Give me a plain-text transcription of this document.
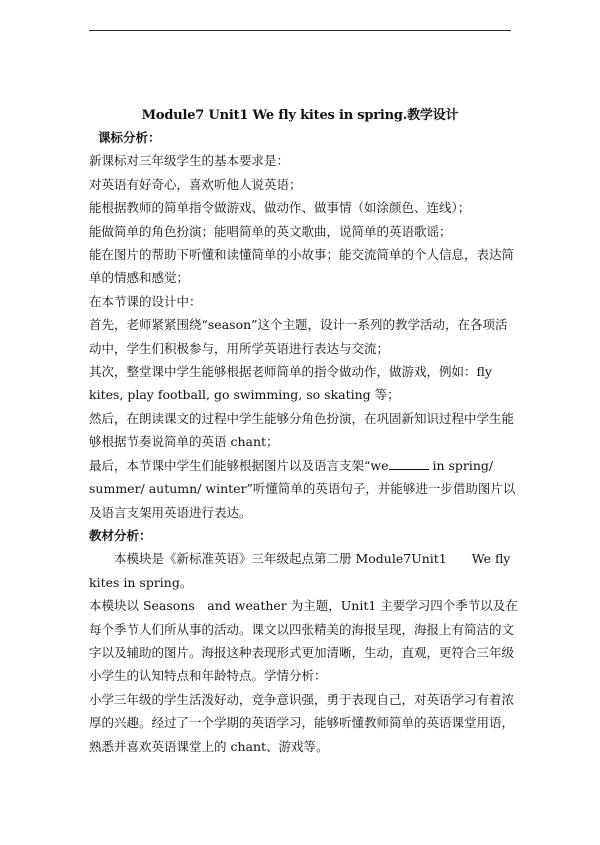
Module7 Unit1 We fly kites in spring.教学设计

课标分析：

新课标对三年级学生的基本要求是：

对英语有好奇心，喜欢听他人说英语；

能根据教师的简单指令做游戏、做动作、做事情（如涂颜色、连线）；

能做简单的角色扮演；能唱简单的英文歌曲，说简单的英语歌谣；

能在图片的帮助下听懂和读懂简单的小故事；能交流简单的个人信息，表达简单的情感和感觉；

在本节课的设计中：

首先，老师紧紧围绕“season”这个主题，设计一系列的教学活动，在各项活动中，学生们积极参与，用所学英语进行表达与交流；

其次，整堂课中学生能够根据老师简单的指令做动作，做游戏，例如：fly kites, play football, go swimming, so skating 等；

然后，在朗读课文的过程中学生能够分角色扮演，在巩固新知识过程中学生能够根据节奏说简单的英语 chant；

最后，本节课中学生们能够根据图片以及语言支架“we	in spring/ summer/ autumn/ winter”听懂简单的英语句子，并能够进一步借助图片以及语言支架用英语进行表达。

教材分析：

本模块是《新标准英语》三年级起点第二册 Module7Unit1　　We fly kites in spring。

本模块以 Seasons　and weather 为主题，Unit1 主要学习四个季节以及在每个季节人们所从事的活动。课文以四张精美的海报呈现，海报上有简洁的文字以及辅助的图片。海报这种表现形式更加清晰，生动，直观，更符合三年级小学生的认知特点和年龄特点。学情分析：

小学三年级的学生活泼好动，竞争意识强，勇于表现自己，对英语学习有着浓厚的兴趣。经过了一个学期的英语学习，能够听懂教师简单的英语课堂用语，熟悉并喜欢英语课堂上的 chant、游戏等。
